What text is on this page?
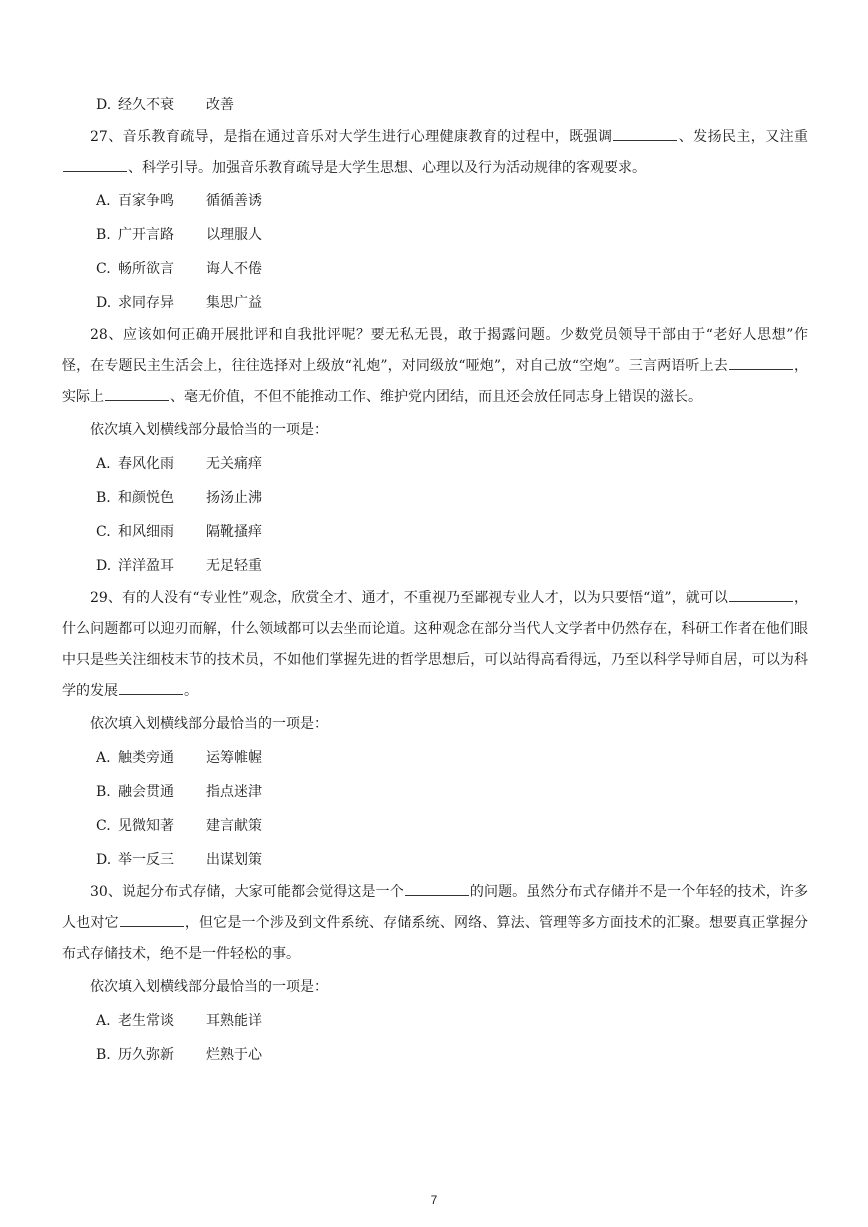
D. 经久不衰 改善

27、音乐教育疏导，是指在通过音乐对大学生进行心理健康教育的过程中，既强调	、发扬民主，又注重、科学引导。加强音乐教育疏导是大学生思想、心理以及行为活动规律的客观要求。

A. 百家争鸣 循循善诱

B. 广开言路 以理服人

C. 畅所欲言 诲人不倦

D. 求同存异 集思广益

28、应该如何正确开展批评和自我批评呢？要无私无畏，敢于揭露问题。少数党员领导干部由于“老好人思想”作怪，在专题民主生活会上，往往选择对上级放“礼炮”，对同级放“哑炮”，对自己放“空炮”。三言两语听上去	，实际上	、毫无价值，不但不能推动工作、维护党内团结，而且还会放任同志身上错误的滋长。

依次填入划横线部分最恰当的一项是：

A. 春风化雨 无关痛痒

B. 和颜悦色 扬汤止沸

C. 和风细雨 隔靴搔痒

D. 洋洋盈耳 无足轻重

29、有的人没有“专业性”观念，欣赏全才、通才，不重视乃至鄙视专业人才，以为只要悟“道”，就可以	，什么问题都可以迎刃而解，什么领域都可以去坐而论道。这种观念在部分当代人文学者中仍然存在，科研工作者在他们眼中只是些关注细枝末节的技术员，不如他们掌握先进的哲学思想后，可以站得高看得远，乃至以科学导师自居，可以为科学的发展	。

依次填入划横线部分最恰当的一项是：

A. 触类旁通 运筹帷幄

B. 融会贯通 指点迷津

C. 见微知著 建言献策

D. 举一反三 出谋划策

30、说起分布式存储，大家可能都会觉得这是一个	的问题。虽然分布式存储并不是一个年轻的技术，许多人也对它	，但它是一个涉及到文件系统、存储系统、网络、算法、管理等多方面技术的汇聚。想要真正掌握分布式存储技术，绝不是一件轻松的事。

依次填入划横线部分最恰当的一项是：

A. 老生常谈 耳熟能详

B. 历久弥新 烂熟于心

7
